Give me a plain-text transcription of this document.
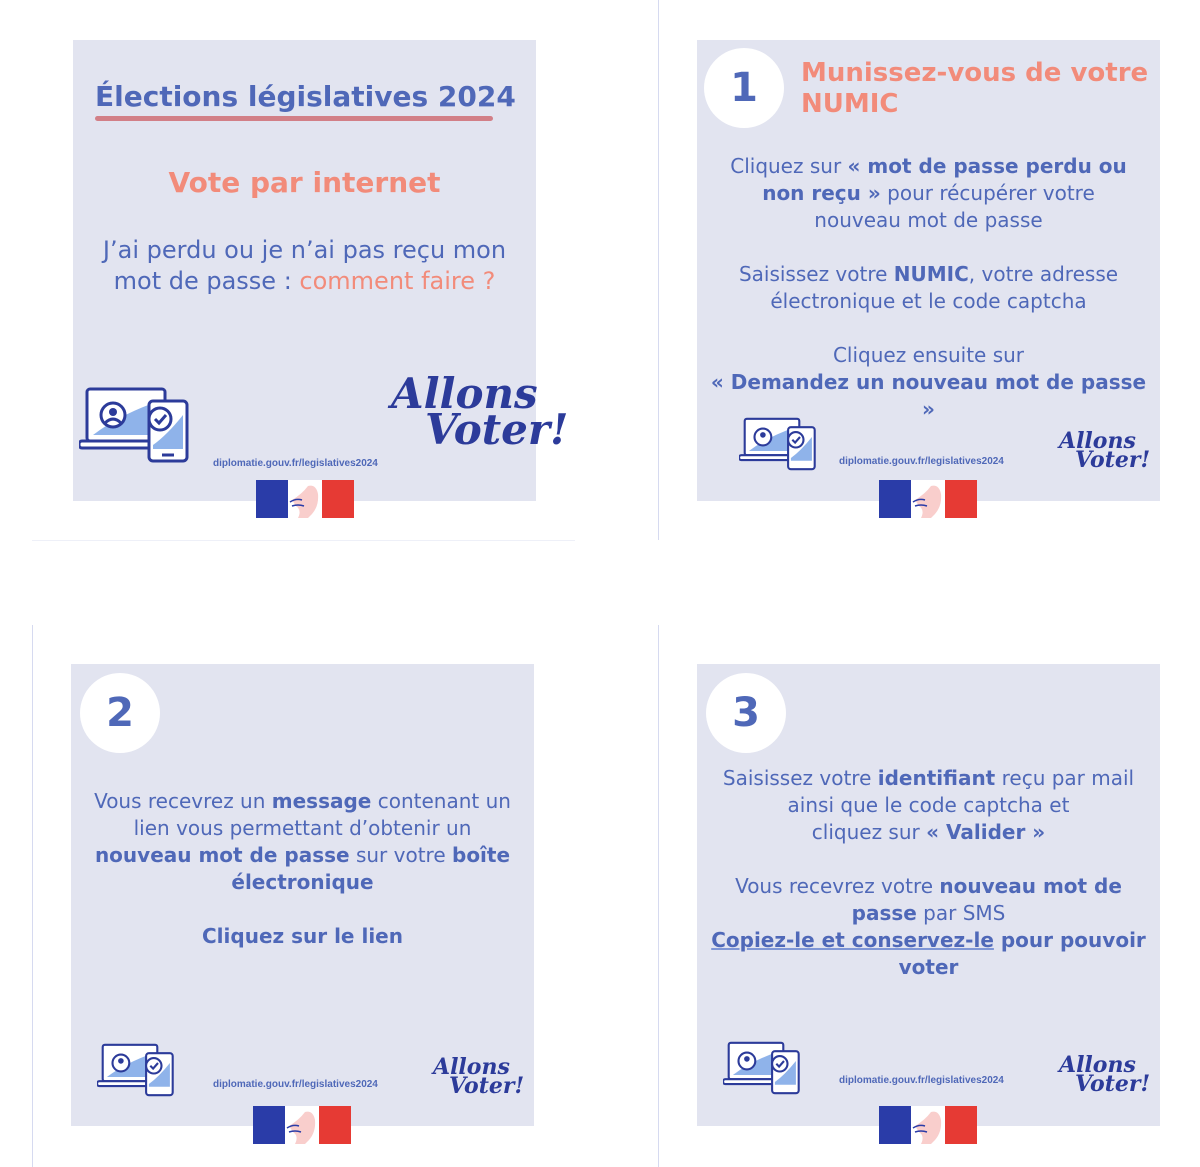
Élections législatives 2024
Vote par internet
J’ai perdu ou je n’ai pas reçu mon
mot de passe : comment faire ?
diplomatie.gouv.fr/legislatives2024
Allons
Voter!
1	Munissez-vous de votre
NUMIC
Cliquez sur « mot de passe perdu ou
non reçu » pour récupérer votre
nouveau mot de passe
Saisissez votre NUMIC, votre adresse
électronique et le code captcha
Cliquez ensuite sur
« Demandez un nouveau mot de passe »
diplomatie.gouv.fr/legislatives2024
Allons
Voter!
2
Vous recevrez un message contenant un
lien vous permettant d’obtenir un
nouveau mot de passe sur votre boîte
électronique
Cliquez sur le lien
diplomatie.gouv.fr/legislatives2024
Allons
Voter!
3
Saisissez votre identifiant reçu par mail
ainsi que le code captcha et
cliquez sur « Valider »
Vous recevrez votre nouveau mot de
passe par SMS
Copiez-le et conservez-le pour pouvoir
voter
diplomatie.gouv.fr/legislatives2024
Allons
Voter!
